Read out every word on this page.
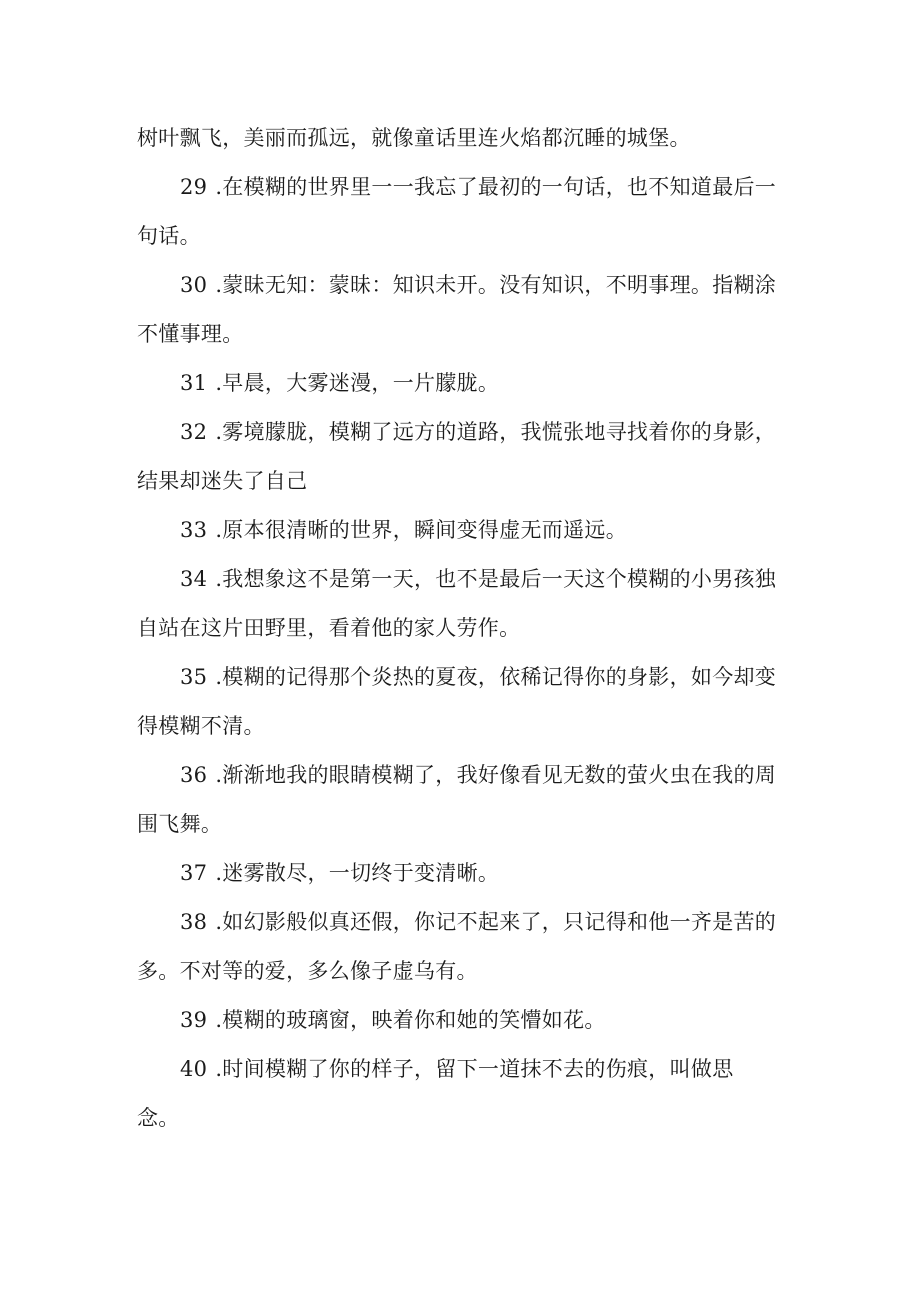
树叶飘飞，美丽而孤远，就像童话里连火焰都沉睡的城堡。
29 .在模糊的世界里一一我忘了最初的一句话，也不知道最后一
句话。
30 .蒙昧无知：蒙昧：知识未开。没有知识，不明事理。指糊涂
不懂事理。
31 .早晨，大雾迷漫，一片朦胧。
32 .雾境朦胧，模糊了远方的道路，我慌张地寻找着你的身影，
结果却迷失了自己
33 .原本很清晰的世界，瞬间变得虚无而遥远。
34 .我想象这不是第一天，也不是最后一天这个模糊的小男孩独
自站在这片田野里，看着他的家人劳作。
35 .模糊的记得那个炎热的夏夜，依稀记得你的身影，如今却变
得模糊不清。
36 .渐渐地我的眼睛模糊了，我好像看见无数的萤火虫在我的周
围飞舞。
37 .迷雾散尽，一切终于变清晰。
38 .如幻影般似真还假，你记不起来了，只记得和他一齐是苦的
多。不对等的爱，多么像子虚乌有。
39 .模糊的玻璃窗，映着你和她的笑懵如花。
40 .时间模糊了你的样子，留下一道抹不去的伤痕，叫做思
念。
